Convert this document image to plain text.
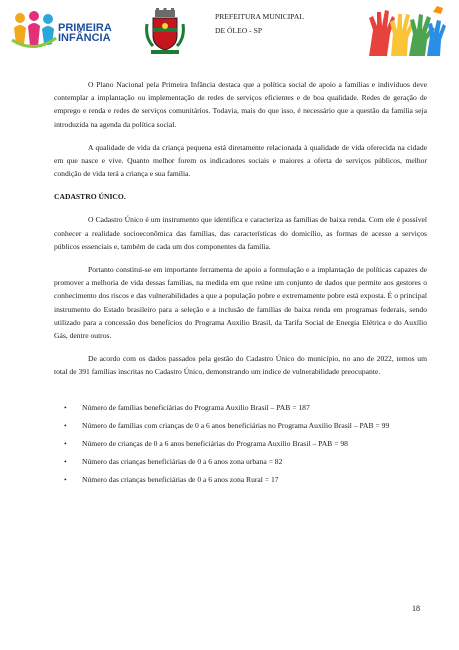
PRIMEIRA
INFÂNCIA
PREFEITURA MUNICIPAL
DE ÓLEO - SP

O Plano Nacional pela Primeira Infância destaca que a política social de apoio a famílias e indivíduos deve contemplar a implantação ou implementação de redes de serviços eficientes e de boa qualidade. Redes de geração de emprego e renda e redes de serviços comunitários. Todavia, mais do que isso, é necessário que a questão da família seja introduzida na agenda da política social.

A qualidade de vida da criança pequena está diretamente relacionada à qualidade de vida oferecida na cidade em que nasce e vive. Quanto melhor forem os indicadores sociais e maiores a oferta de serviços públicos, melhor condição de vida terá a criança e sua família.

CADASTRO ÚNICO.

O Cadastro Único é um instrumento que identifica e caracteriza as famílias de baixa renda. Com ele é possível conhecer a realidade socioeconômica das famílias, das características do domicílio, as formas de acesso a serviços públicos essenciais e, também de cada um dos componentes da família.

Portanto constitui-se em importante ferramenta de apoio a formulação e a implantação de políticas capazes de promover a melhoria de vida dessas famílias, na medida em que reúne um conjunto de dados que permite aos gestores o conhecimento dos riscos e das vulnerabilidades a que a população pobre e extremamente pobre está exposta. É o principal instrumento do Estado brasileiro para a seleção e a inclusão de famílias de baixa renda em programas federais, sendo utilizado para a concessão dos benefícios do Programa Auxilio Brasil, da Tarifa Social de Energia Elétrica e do Auxílio Gás, dentre outros.

De acordo com os dados passados pela gestão do Cadastro Único do município, no ano de 2022, temos um total de 391 famílias inscritas no Cadastro Único, demonstrando um indice de vulnerabilidade preocupante.

• Número de famílias beneficiárias do Programa Auxilio Brasil – PAB = 187
• Número de famílias com crianças de 0 a 6 anos beneficiárias no Programa Auxilio Brasil – PAB = 99
• Número de crianças de 0 a 6 anos beneficiárias do Programa Auxilio Brasil – PAB = 98
• Número das crianças beneficiárias de 0 a 6 anos zona urbana = 82
• Número das crianças beneficiárias de 0 a 6 anos zona Rural = 17
18
